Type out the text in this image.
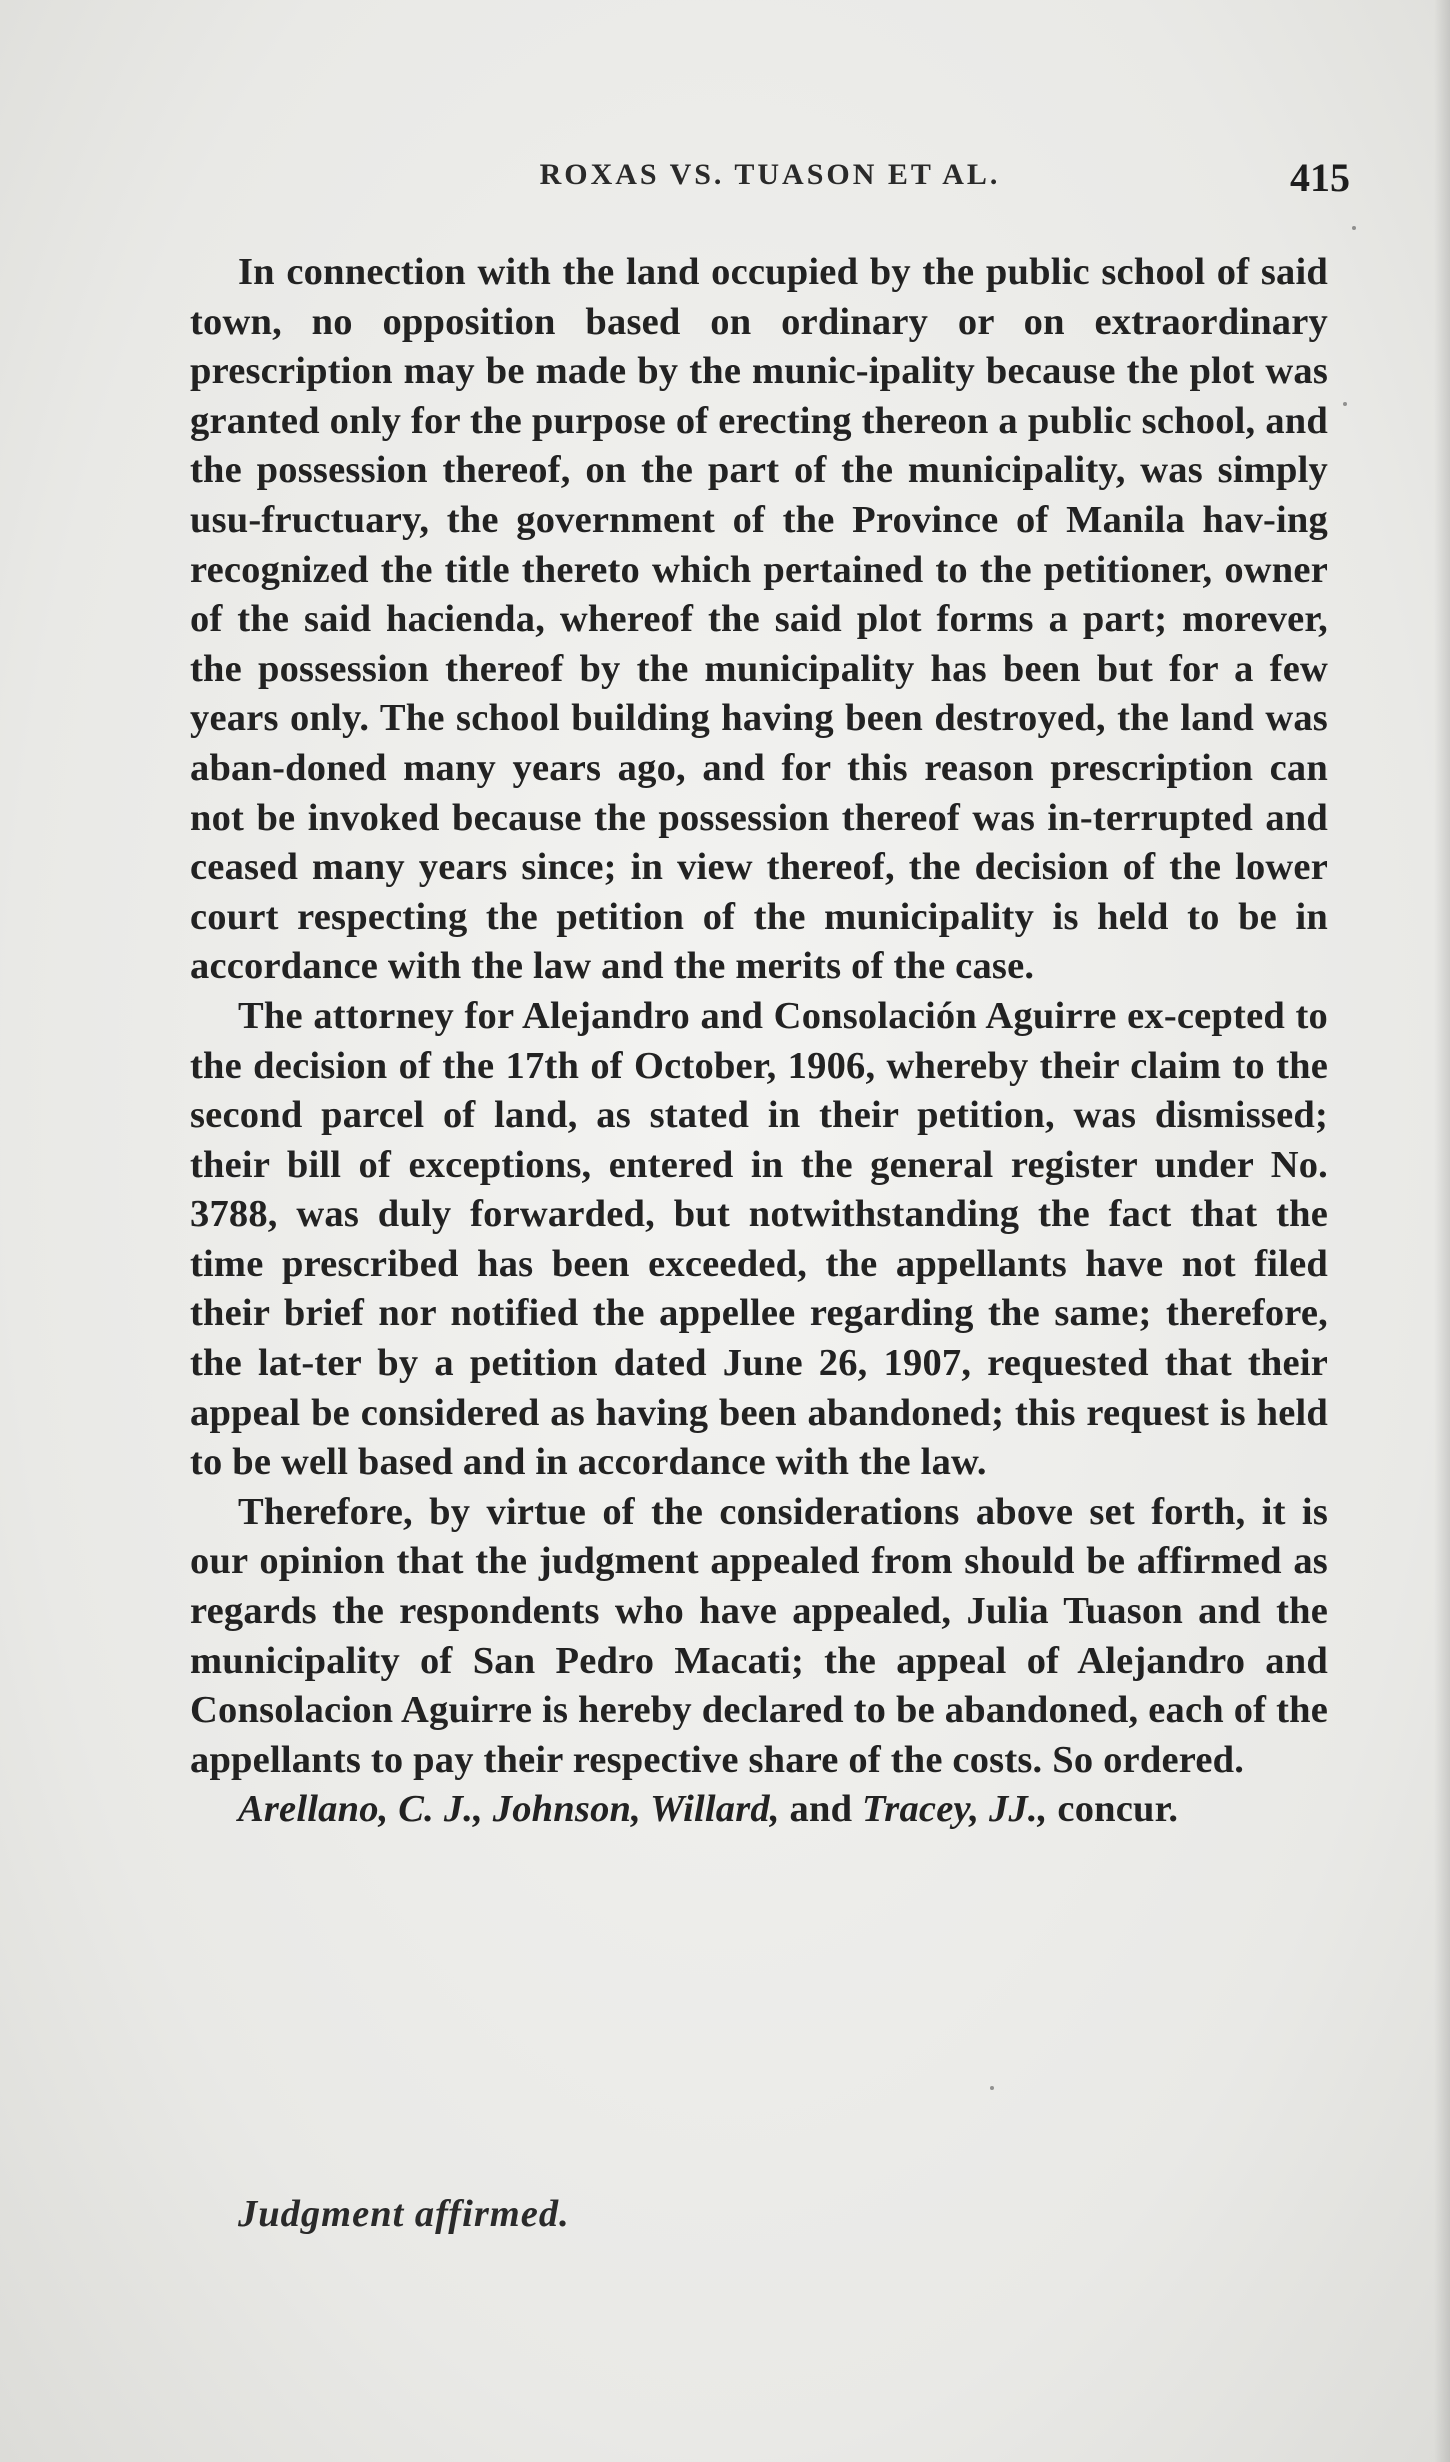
ROXAS VS. TUASON ET AL.	415

In connection with the land occupied by the public school of said town, no opposition based on ordinary or on extraordinary prescription may be made by the munic-ipality because the plot was granted only for the purpose of erecting thereon a public school, and the possession thereof, on the part of the municipality, was simply usu-fructuary, the government of the Province of Manila hav-ing recognized the title thereto which pertained to the petitioner, owner of the said hacienda, whereof the said plot forms a part; morever, the possession thereof by the municipality has been but for a few years only. The school building having been destroyed, the land was aban-doned many years ago, and for this reason prescription can not be invoked because the possession thereof was in-terrupted and ceased many years since; in view thereof, the decision of the lower court respecting the petition of the municipality is held to be in accordance with the law and the merits of the case.

The attorney for Alejandro and Consolación Aguirre ex-cepted to the decision of the 17th of October, 1906, whereby their claim to the second parcel of land, as stated in their petition, was dismissed; their bill of exceptions, entered in the general register under No. 3788, was duly forwarded, but notwithstanding the fact that the time prescribed has been exceeded, the appellants have not filed their brief nor notified the appellee regarding the same; therefore, the lat-ter by a petition dated June 26, 1907, requested that their appeal be considered as having been abandoned; this request is held to be well based and in accordance with the law.

Therefore, by virtue of the considerations above set forth, it is our opinion that the judgment appealed from should be affirmed as regards the respondents who have appealed, Julia Tuason and the municipality of San Pedro Macati; the appeal of Alejandro and Consolacion Aguirre is hereby declared to be abandoned, each of the appellants to pay their respective share of the costs. So ordered.

Arellano, C. J., Johnson, Willard, and Tracey, JJ., concur.

Judgment affirmed.
